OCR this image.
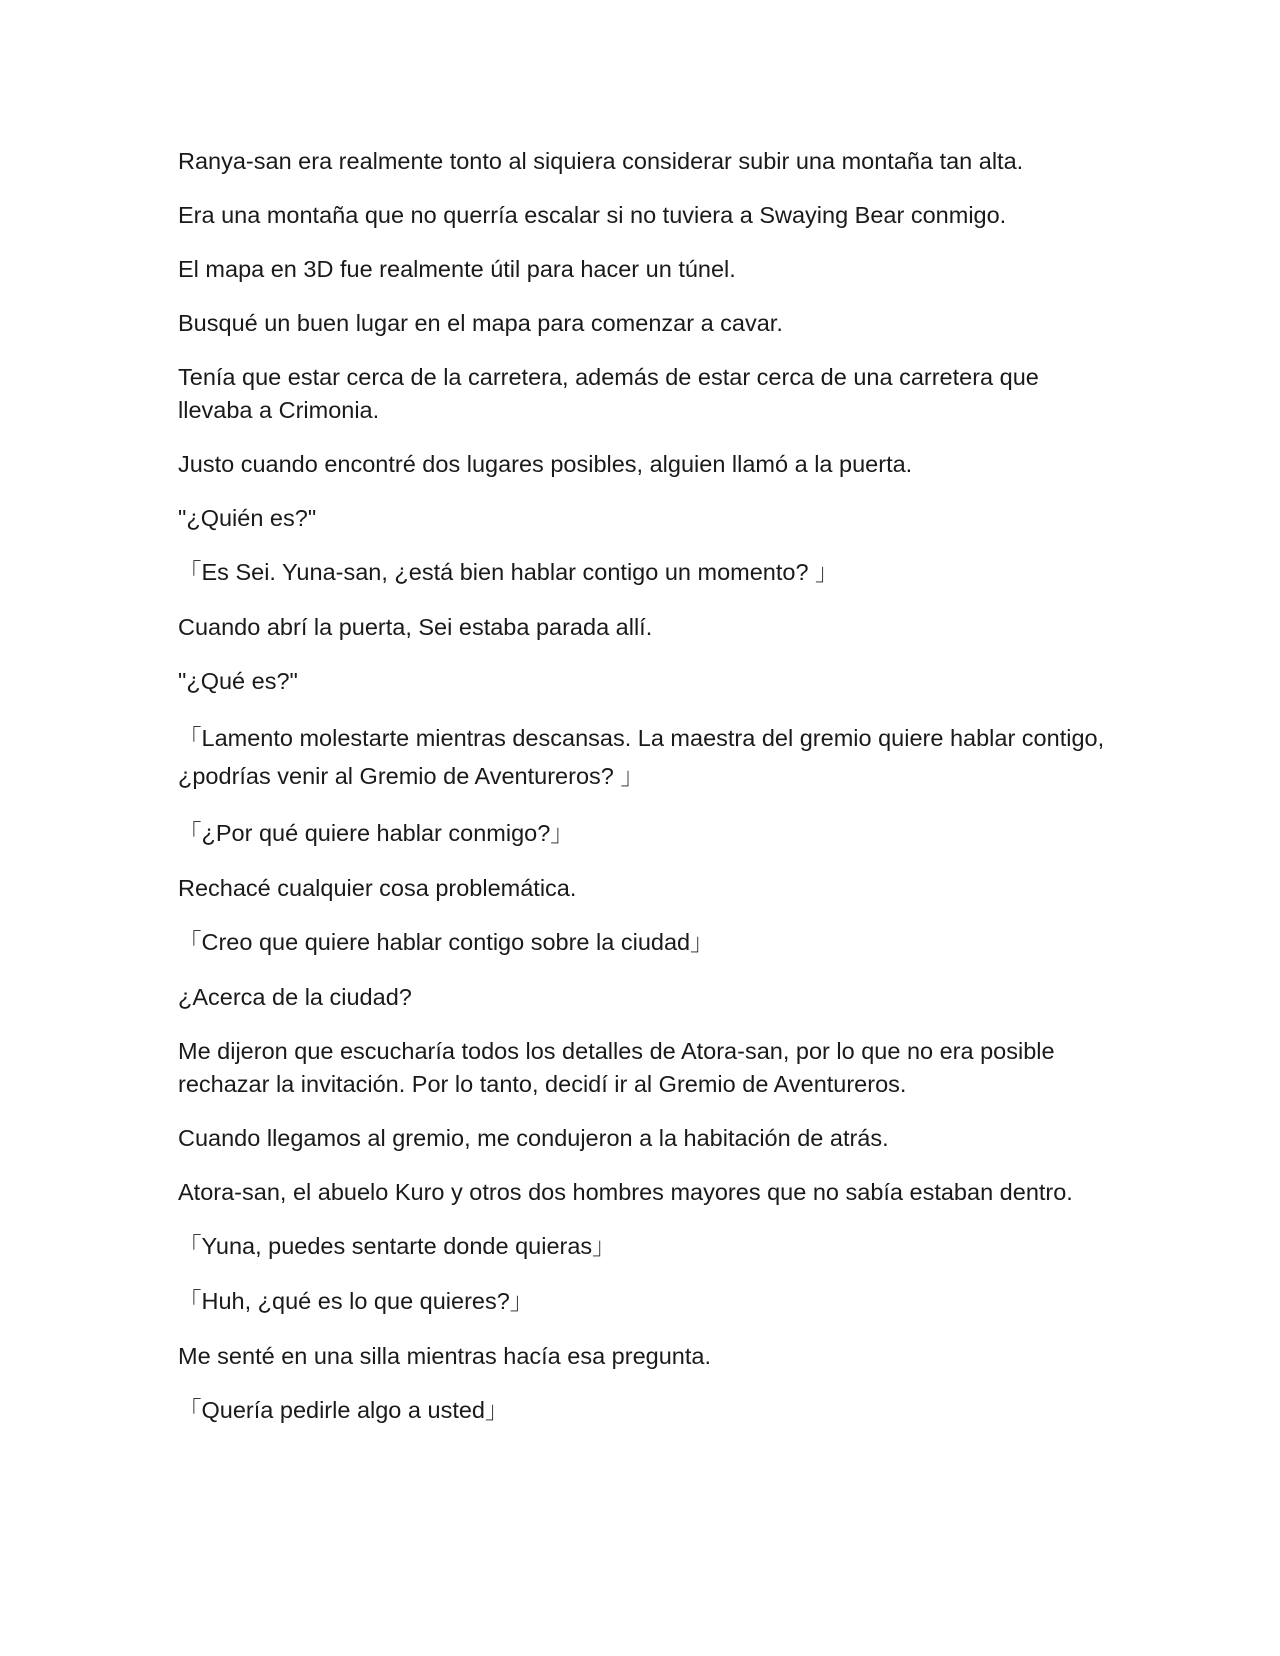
Ranya-san era realmente tonto al siquiera considerar subir una montaña tan alta.

Era una montaña que no querría escalar si no tuviera a Swaying Bear conmigo.

El mapa en 3D fue realmente útil para hacer un túnel.

Busqué un buen lugar en el mapa para comenzar a cavar.

Tenía que estar cerca de la carretera, además de estar cerca de una carretera que llevaba a Crimonia.

Justo cuando encontré dos lugares posibles, alguien llamó a la puerta.

"¿Quién es?"

「Es Sei. Yuna-san, ¿está bien hablar contigo un momento? 」

Cuando abrí la puerta, Sei estaba parada allí.

"¿Qué es?"

「Lamento molestarte mientras descansas. La maestra del gremio quiere hablar contigo, ¿podrías venir al Gremio de Aventureros? 」

「¿Por qué quiere hablar conmigo?」

Rechacé cualquier cosa problemática.

「Creo que quiere hablar contigo sobre la ciudad」

¿Acerca de la ciudad?

Me dijeron que escucharía todos los detalles de Atora-san, por lo que no era posible rechazar la invitación. Por lo tanto, decidí ir al Gremio de Aventureros.

Cuando llegamos al gremio, me condujeron a la habitación de atrás.

Atora-san, el abuelo Kuro y otros dos hombres mayores que no sabía estaban dentro.

「Yuna, puedes sentarte donde quieras」

「Huh, ¿qué es lo que quieres?」

Me senté en una silla mientras hacía esa pregunta.

「Quería pedirle algo a usted」
